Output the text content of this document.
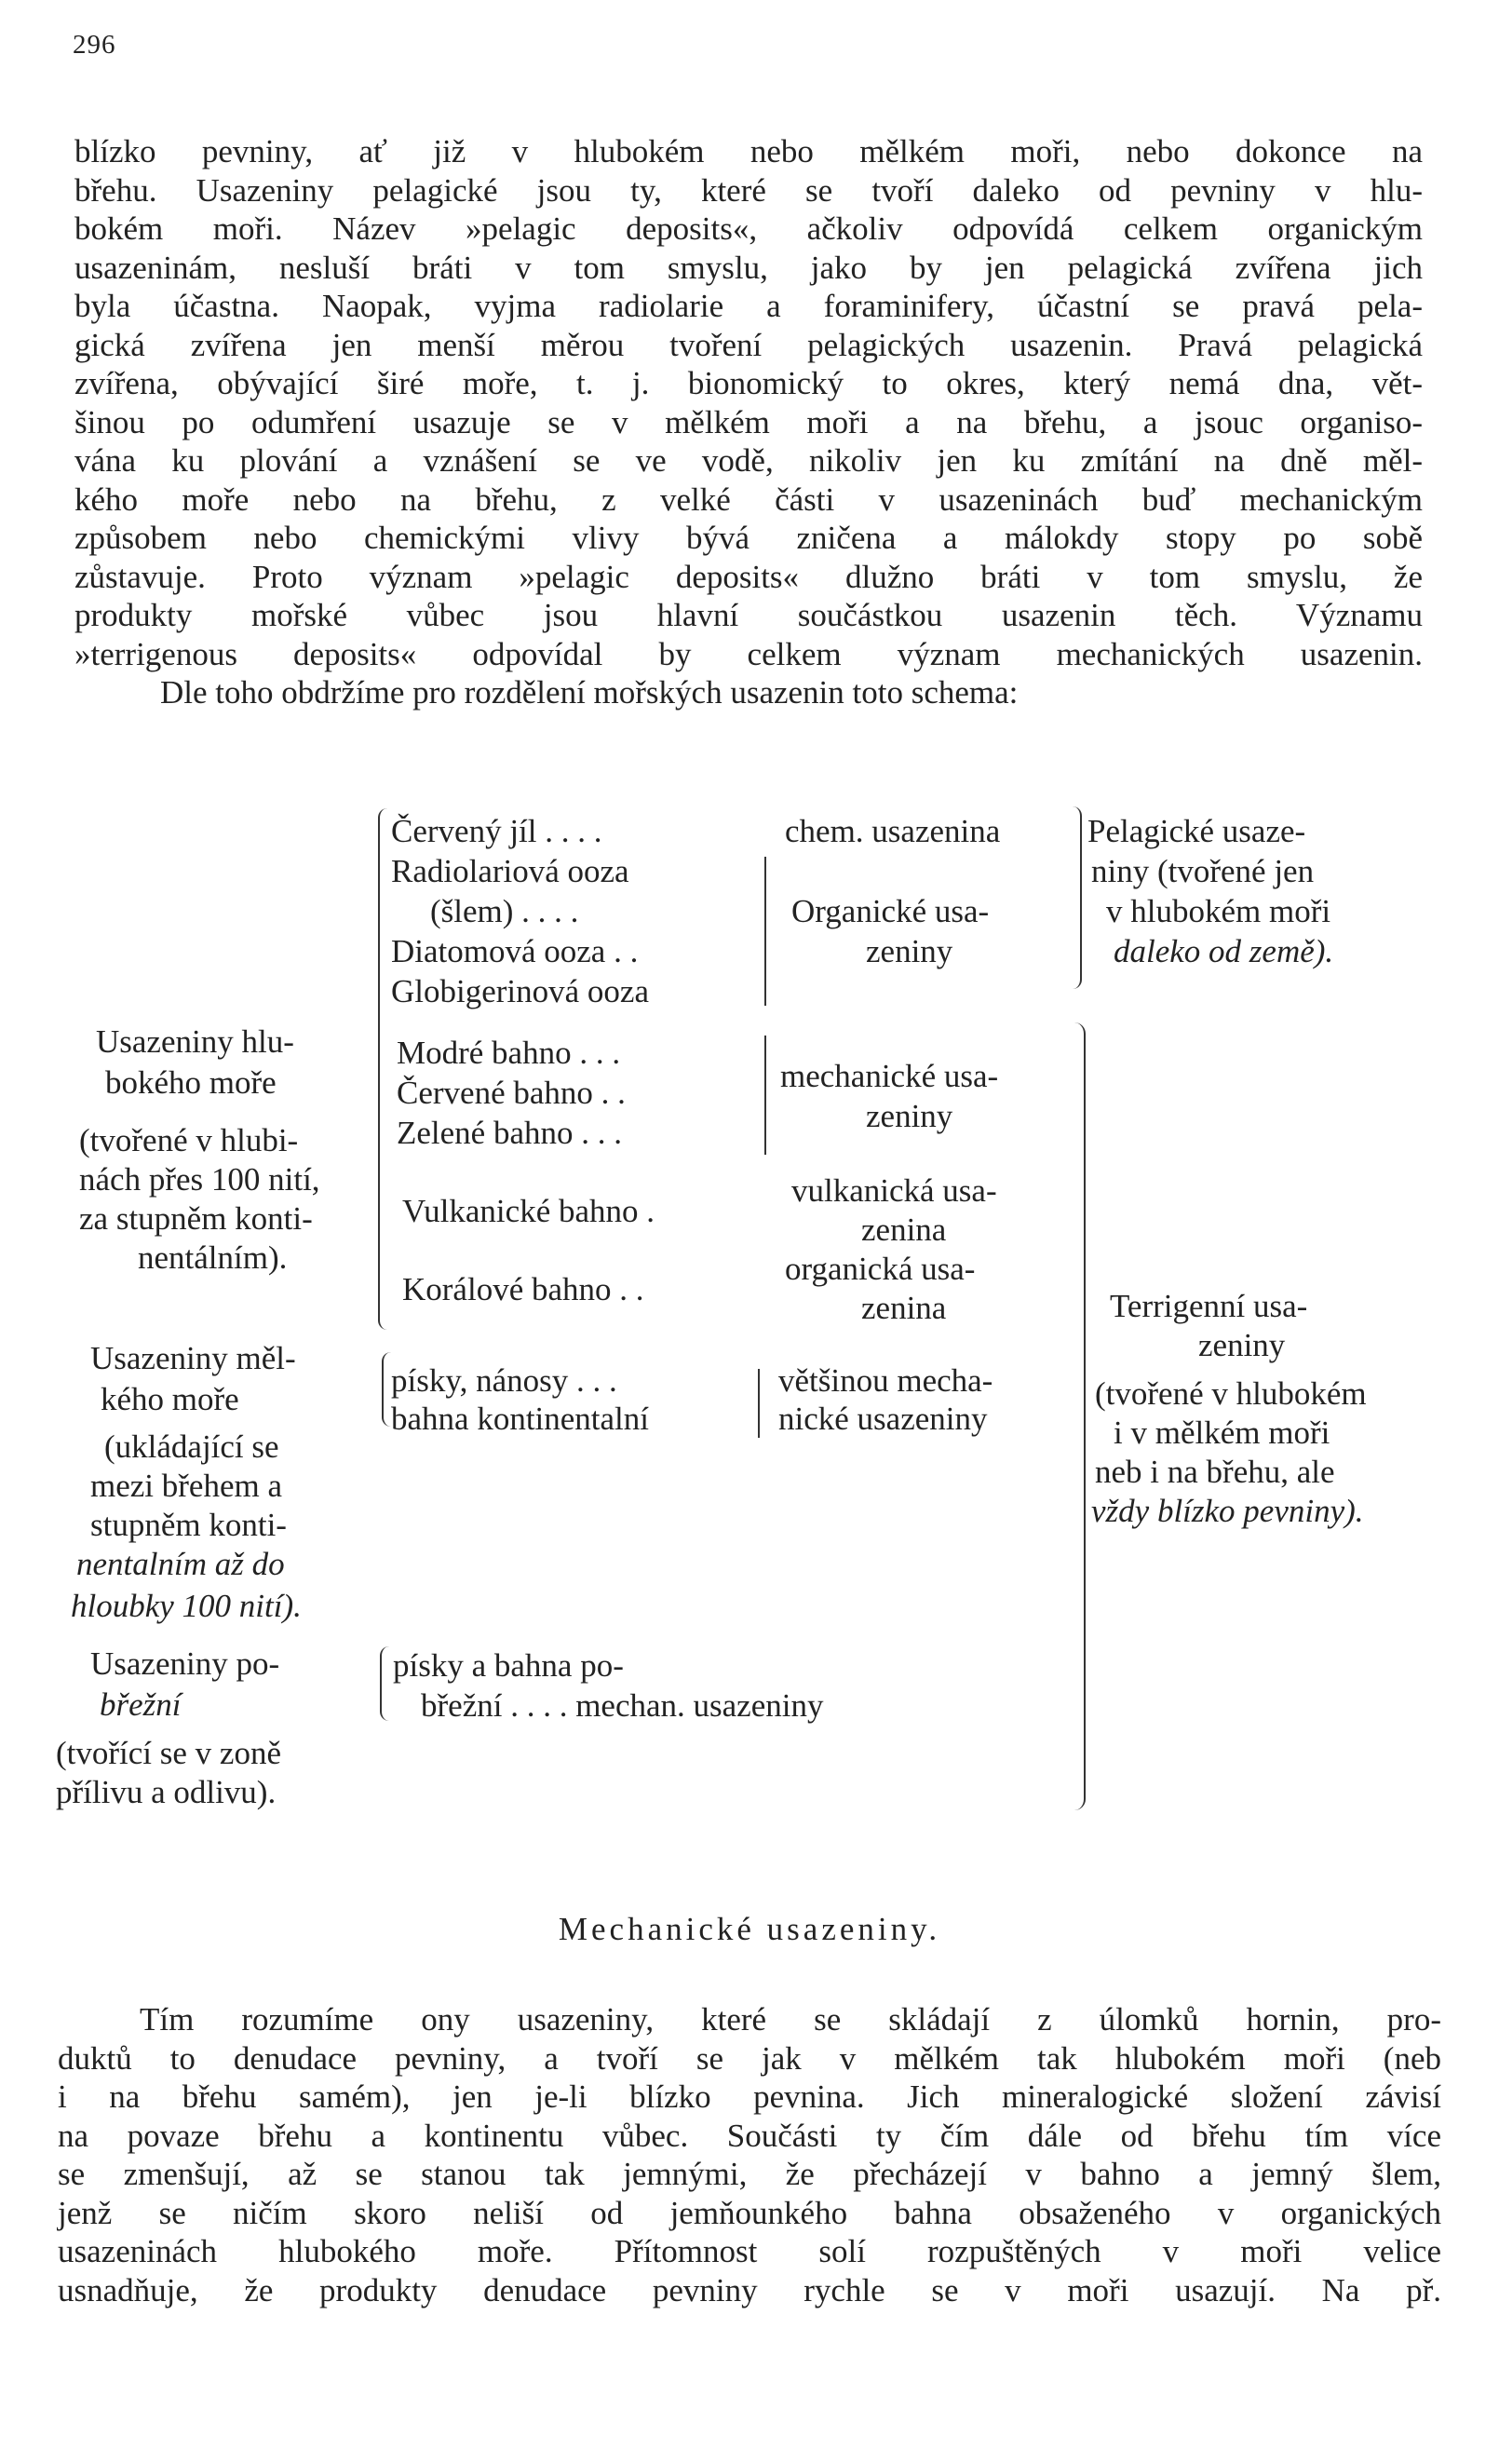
296
blízko pevniny, ať již v hlubokém nebo mělkém moři, nebo dokonce na
břehu. Usazeniny pelagické jsou ty, které se tvoří daleko od pevniny v hlu-
bokém moři. Název »pelagic deposits«, ačkoliv odpovídá celkem organickým
usazeninám, nesluší bráti v tom smyslu, jako by jen pelagická zvířena jich
byla účastna. Naopak, vyjma radiolarie a foraminifery, účastní se pravá pela-
gická zvířena jen menší měrou tvoření pelagických usazenin. Pravá pelagická
zvířena, obývající širé moře, t. j. bionomický to okres, který nemá dna, vět-
šinou po odumření usazuje se v mělkém moři a na břehu, a jsouc organiso-
vána ku plování a vznášení se ve vodě, nikoliv jen ku zmítání na dně měl-
kého moře nebo na břehu, z velké části v usazeninách buď mechanickým
způsobem nebo chemickými vlivy bývá zničena a málokdy stopy po sobě
zůstavuje. Proto význam »pelagic deposits« dlužno bráti v tom smyslu, že
produkty mořské vůbec jsou hlavní součástkou usazenin těch. Významu
»terrigenous deposits« odpovídal by celkem význam mechanických usazenin.
Dle toho obdržíme pro rozdělení mořských usazenin toto schema:
Usazeniny hlu-
bokého moře
(tvořené v hlubi-
nách přes 100 nití,
za stupněm konti-
nentálním).
Usazeniny měl-
kého moře
(ukládající se
mezi břehem a
stupněm konti-
nentalním až do
hloubky 100 nití).
Usazeniny po-
břežní
(tvořící se v zoně
přílivu a odlivu).
Červený jíl . . . .
Radiolariová ooza
(šlem) . . . .
Diatomová ooza . .
Globigerinová ooza
Modré bahno . . .
Červené bahno . .
Zelené bahno . . .
Vulkanické bahno .
Korálové bahno . .
písky, nánosy . . .
bahna kontinentalní
písky a bahna po-
břežní . . . . mechan. usazeniny
chem. usazenina
Organické usa-
zeniny
mechanické usa-
zeniny
vulkanická usa-
zenina
organická usa-
zenina
většinou mecha-
nické usazeniny
Pelagické usaze-
niny (tvořené jen
v hlubokém moři
daleko od země).
Terrigenní usa-
zeniny
(tvořené v hlubokém
i v mělkém moři
neb i na břehu, ale
vždy blízko pevniny).
Mechanické usazeniny.
Tím rozumíme ony usazeniny, které se skládají z úlomků hornin, pro-
duktů to denudace pevniny, a tvoří se jak v mělkém tak hlubokém moři (neb
i na břehu samém), jen je-li blízko pevnina. Jich mineralogické složení závisí
na povaze břehu a kontinentu vůbec. Součásti ty čím dále od břehu tím více
se zmenšují, až se stanou tak jemnými, že přecházejí v bahno a jemný šlem,
jenž se ničím skoro neliší od jemňounkého bahna obsaženého v organických
usazeninách hlubokého moře. Přítomnost solí rozpuštěných v moři velice
usnadňuje, že produkty denudace pevniny rychle se v moři usazují. Na př.
